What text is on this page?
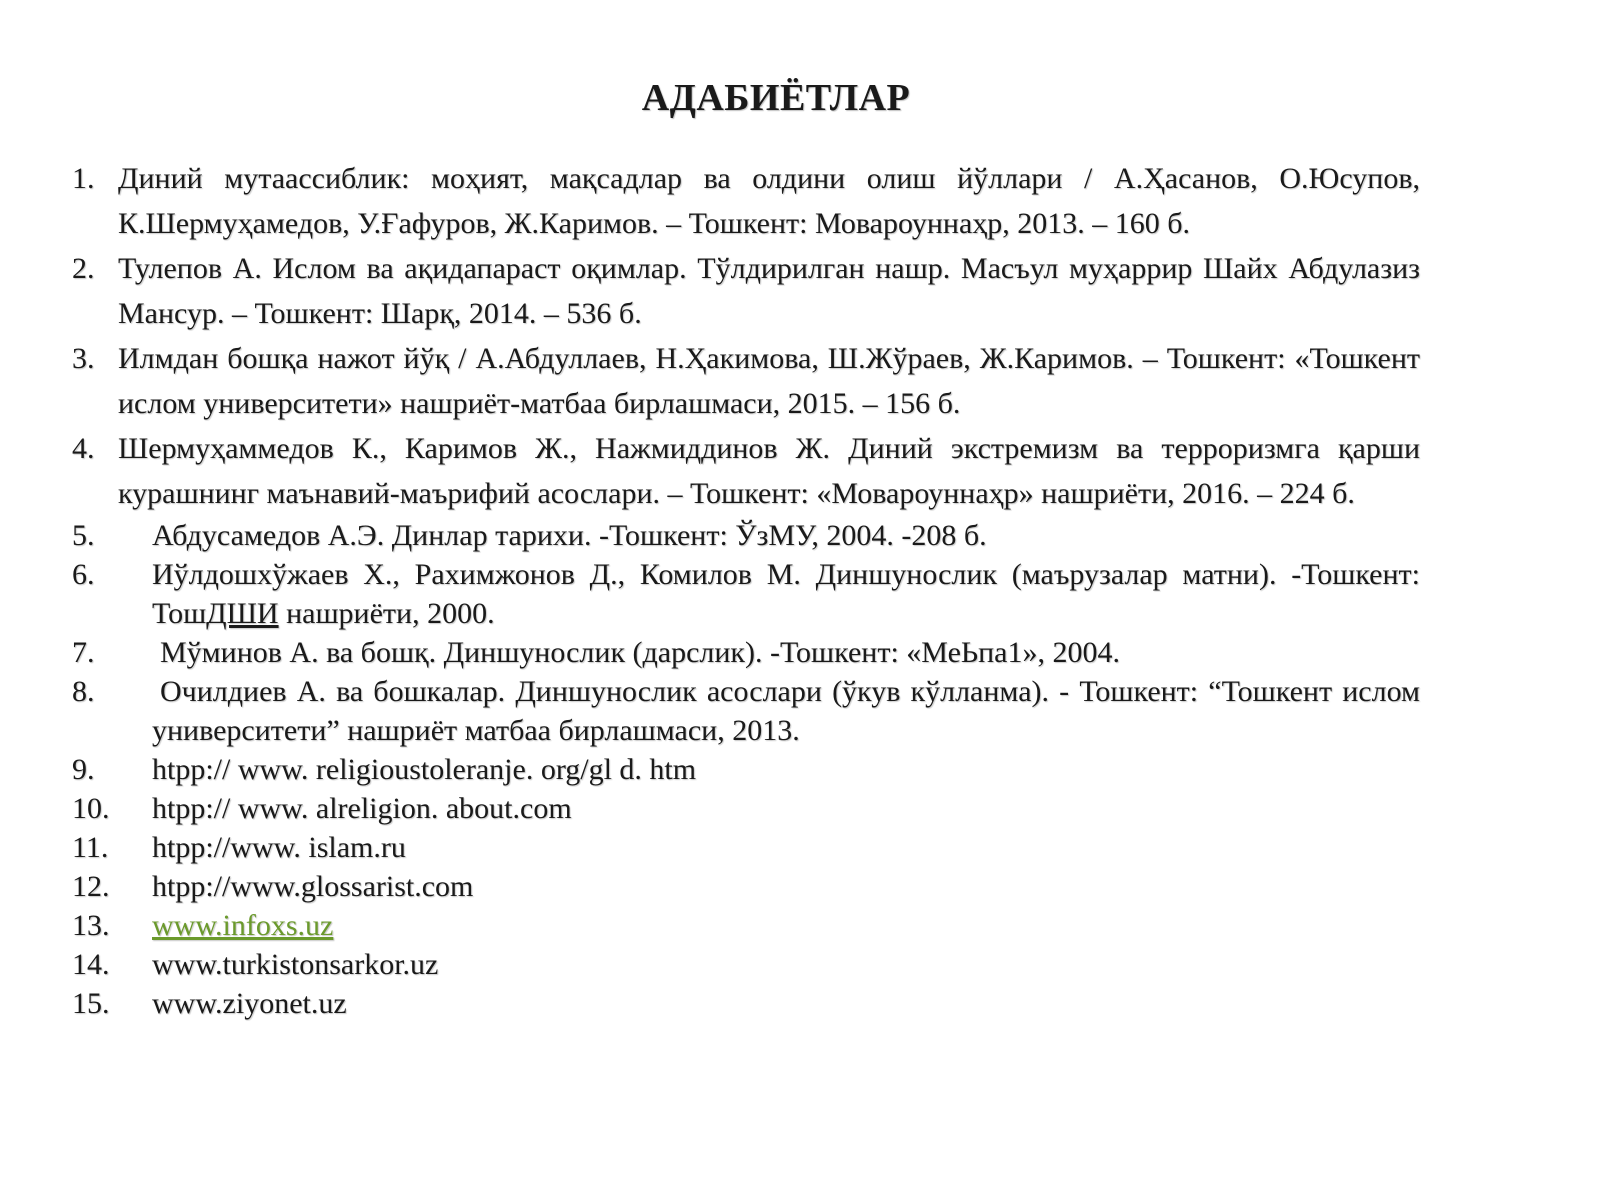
АДАБИЁТЛАР
1. Диний мутаассиблик: моҳият, мақсадлар ва олдини олиш йўллари / А.Ҳасанов, О.Юсупов, К.Шермуҳамедов, У.Ғафуров, Ж.Каримов. – Тошкент: Мовароуннаҳр, 2013. – 160 б.
2. Тулепов А. Ислом ва ақидапараст оқимлар. Тўлдирилган нашр. Масъул муҳаррир Шайх Абдулазиз Мансур. – Тошкент: Шарқ, 2014. – 536 б.
3. Илмдан бошқа нажот йўқ / А.Абдуллаев, Н.Ҳакимова, Ш.Жўраев, Ж.Каримов. – Тошкент: «Тошкент ислом университети» нашриёт-матбаа бирлашмаси, 2015. – 156 б.
4. Шермуҳаммедов К., Каримов Ж., Нажмиддинов Ж. Диний экстремизм ва терроризмга қарши курашнинг маънавий-маърифий асослари. – Тошкент: «Мовароуннаҳр» нашриёти, 2016. – 224 б.
5. Абдусамедов А.Э. Динлар тарихи. -Тошкент: ЎзМУ, 2004. -208 б.
6. Иўлдошхўжаев Х., Рахимжонов Д., Комилов М. Диншунослик (маърузалар матни). -Тошкент: ТошДШИ нашриёти, 2000.
7. Мўминов А. ва бошқ. Диншунослик (дарслик). -Тошкент: «МеЬпа1», 2004.
8. Очилдиев А. ва бошкалар. Диншунослик асослари (ўкув кўлланма). - Тошкент: “Тошкент ислом университети” нашриёт матбаа бирлашмаси, 2013.
9. htpp:// www. religioustoleranje. org/gl d. htm
10. htpp:// www. alreligion. about.com
11. htpp://www. islam.ru
12. htpp://www.glossarist.com
13. www.infoxs.uz
14. www.turkistonsarkor.uz
15. www.ziyonet.uz
